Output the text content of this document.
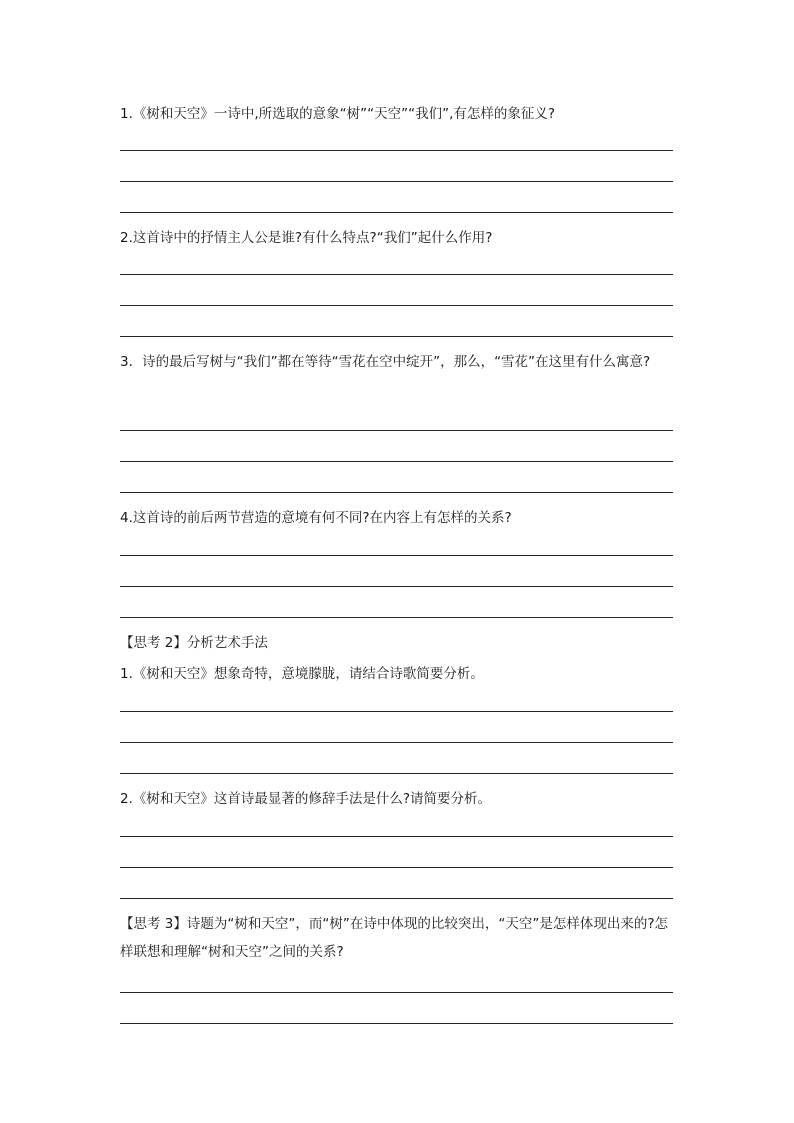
1.《树和天空》一诗中,所选取的意象“树”“天空”“我们”,有怎样的象征义?

2.这首诗中的抒情主人公是谁?有什么特点?“我们”起什么作用?

3．诗的最后写树与“我们”都在等待“雪花在空中绽开”，那么，“雪花”在这里有什么寓意?

4.这首诗的前后两节营造的意境有何不同?在内容上有怎样的关系?

【思考 2】分析艺术手法

1.《树和天空》想象奇特，意境朦胧，请结合诗歌简要分析。

2.《树和天空》这首诗最显著的修辞手法是什么?请简要分析。

【思考 3】诗题为“树和天空”，而“树”在诗中体现的比较突出，“天空”是怎样体现出来的?怎样联想和理解“树和天空”之间的关系?
